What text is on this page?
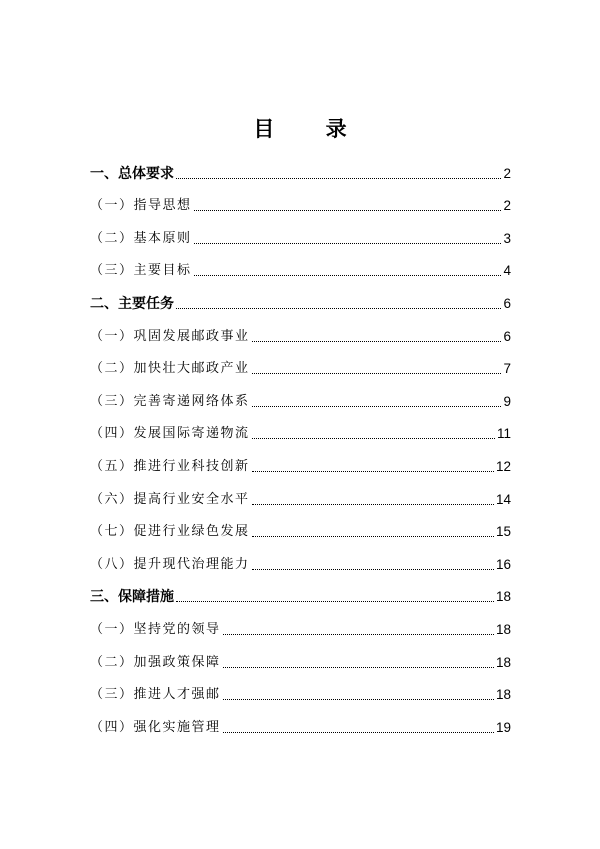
目 录
一、总体要求	2
（一）指导思想	2
（二）基本原则	3
（三）主要目标	4
二、主要任务	6
（一）巩固发展邮政事业	6
（二）加快壮大邮政产业	7
（三）完善寄递网络体系	9
（四）发展国际寄递物流	11
（五）推进行业科技创新	12
（六）提高行业安全水平	14
（七）促进行业绿色发展	15
（八）提升现代治理能力	16
三、保障措施	18
（一）坚持党的领导	18
（二）加强政策保障	18
（三）推进人才强邮	18
（四）强化实施管理	19
